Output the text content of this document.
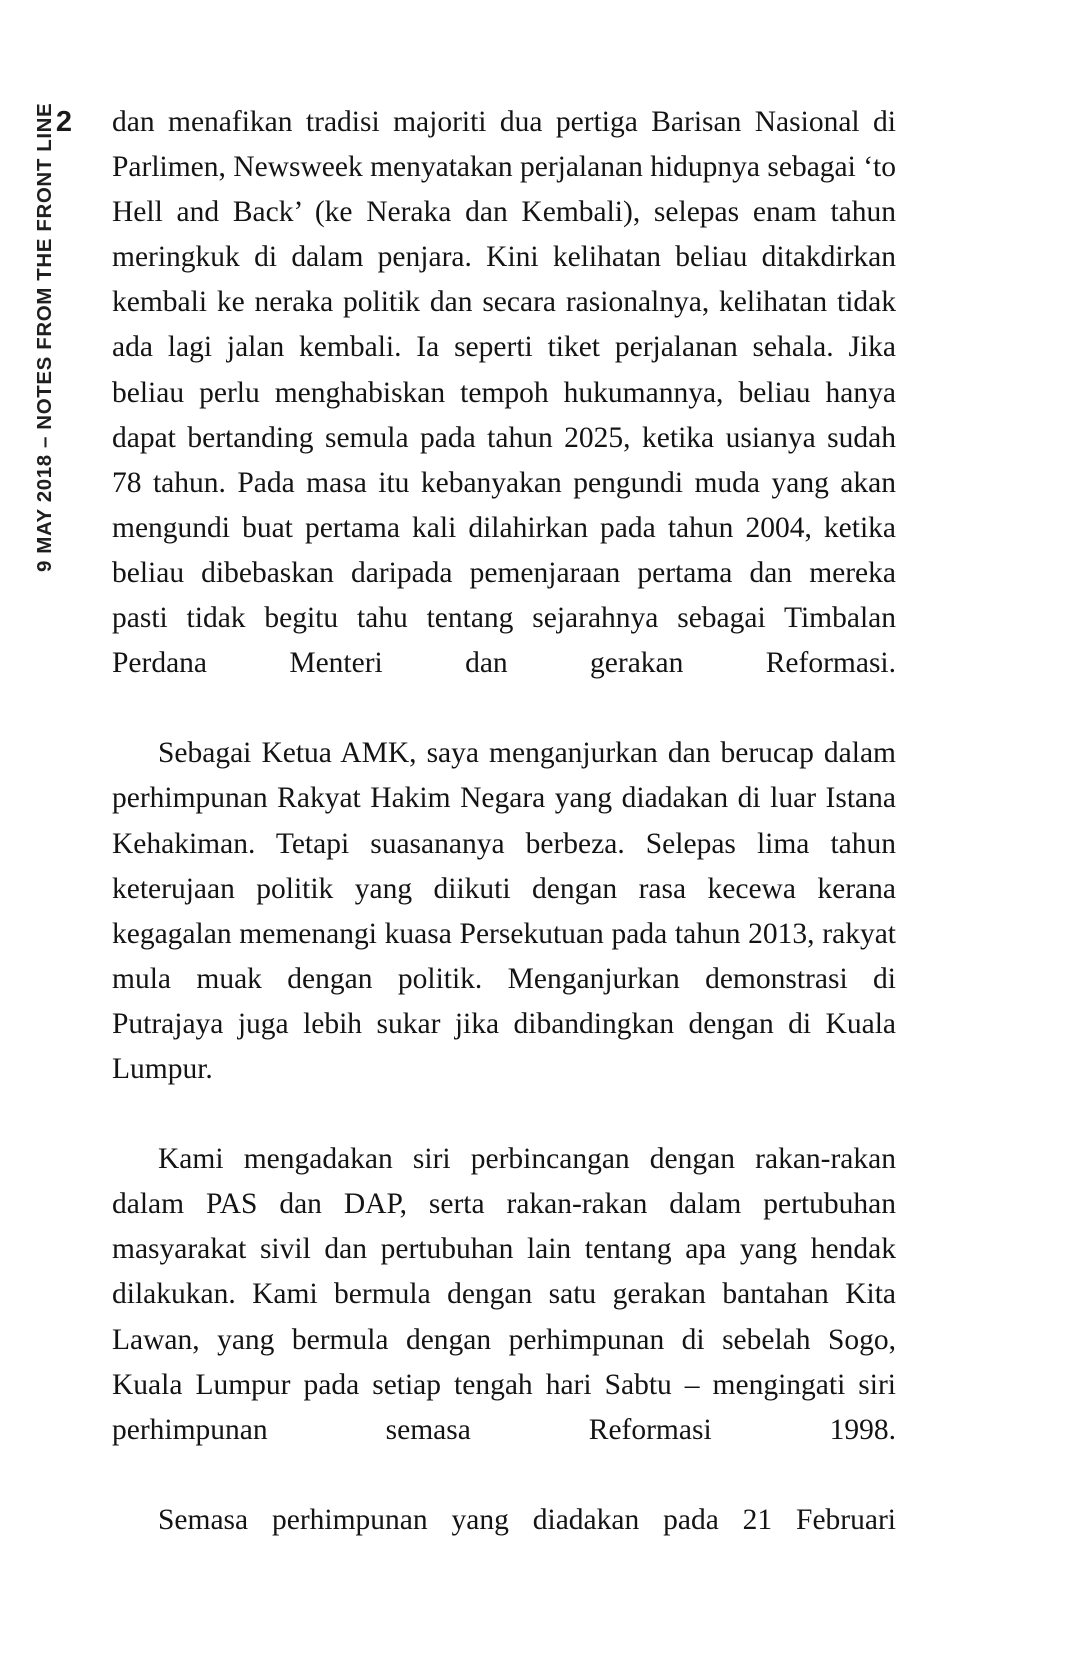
2
9 MAY 2018 – NOTES FROM THE FRONT LINE dan menafikan tradisi majoriti dua pertiga Barisan Nasional di Parlimen, Newsweek menyatakan perjalanan hidupnya sebagai ‘to Hell and Back’ (ke Neraka dan Kembali), selepas enam tahun meringkuk di dalam penjara. Kini kelihatan beliau ditakdirkan kembali ke neraka politik dan secara rasionalnya, kelihatan tidak ada lagi jalan kembali. Ia seperti tiket perjalanan sehala. Jika beliau perlu menghabiskan tempoh hukumannya, beliau hanya dapat bertanding semula pada tahun 2025, ketika usianya sudah 78 tahun. Pada masa itu kebanyakan pengundi muda yang akan mengundi buat pertama kali dilahirkan pada tahun 2004, ketika beliau dibebaskan daripada pemenjaraan pertama dan mereka pasti tidak begitu tahu tentang sejarahnya sebagai Timbalan Perdana Menteri dan gerakan Reformasi.

Sebagai Ketua AMK, saya menganjurkan dan berucap dalam perhimpunan Rakyat Hakim Negara yang diadakan di luar Istana Kehakiman. Tetapi suasananya berbeza. Selepas lima tahun keterujaan politik yang diikuti dengan rasa kecewa kerana kegagalan memenangi kuasa Persekutuan pada tahun 2013, rakyat mula muak dengan politik. Menganjurkan demonstrasi di Putrajaya juga lebih sukar jika dibandingkan dengan di Kuala Lumpur.

Kami mengadakan siri perbincangan dengan rakan-rakan dalam PAS dan DAP, serta rakan-rakan dalam pertubuhan masyarakat sivil dan pertubuhan lain tentang apa yang hendak dilakukan. Kami bermula dengan satu gerakan bantahan Kita Lawan, yang bermula dengan perhimpunan di sebelah Sogo, Kuala Lumpur pada setiap tengah hari Sabtu – mengingati siri perhimpunan semasa Reformasi 1998.

Semasa perhimpunan yang diadakan pada 21 Februari
